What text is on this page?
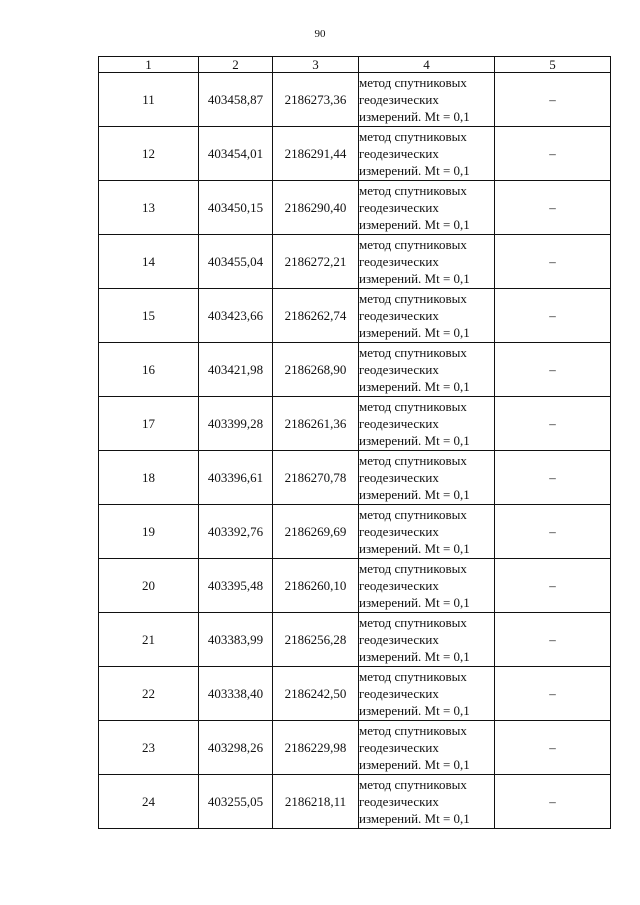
90
1	2	3	4	5
11	403458,87	2186273,36	метод спутниковых
геодезических
измерений. Mt = 0,1	–
12	403454,01	2186291,44	метод спутниковых
геодезических
измерений. Mt = 0,1	–
13	403450,15	2186290,40	метод спутниковых
геодезических
измерений. Mt = 0,1	–
14	403455,04	2186272,21	метод спутниковых
геодезических
измерений. Mt = 0,1	–
15	403423,66	2186262,74	метод спутниковых
геодезических
измерений. Mt = 0,1	–
16	403421,98	2186268,90	метод спутниковых
геодезических
измерений. Mt = 0,1	–
17	403399,28	2186261,36	метод спутниковых
геодезических
измерений. Mt = 0,1	–
18	403396,61	2186270,78	метод спутниковых
геодезических
измерений. Mt = 0,1	–
19	403392,76	2186269,69	метод спутниковых
геодезических
измерений. Mt = 0,1	–
20	403395,48	2186260,10	метод спутниковых
геодезических
измерений. Mt = 0,1	–
21	403383,99	2186256,28	метод спутниковых
геодезических
измерений. Mt = 0,1	–
22	403338,40	2186242,50	метод спутниковых
геодезических
измерений. Mt = 0,1	–
23	403298,26	2186229,98	метод спутниковых
геодезических
измерений. Mt = 0,1	–
24	403255,05	2186218,11	метод спутниковых
геодезических
измерений. Mt = 0,1	–
